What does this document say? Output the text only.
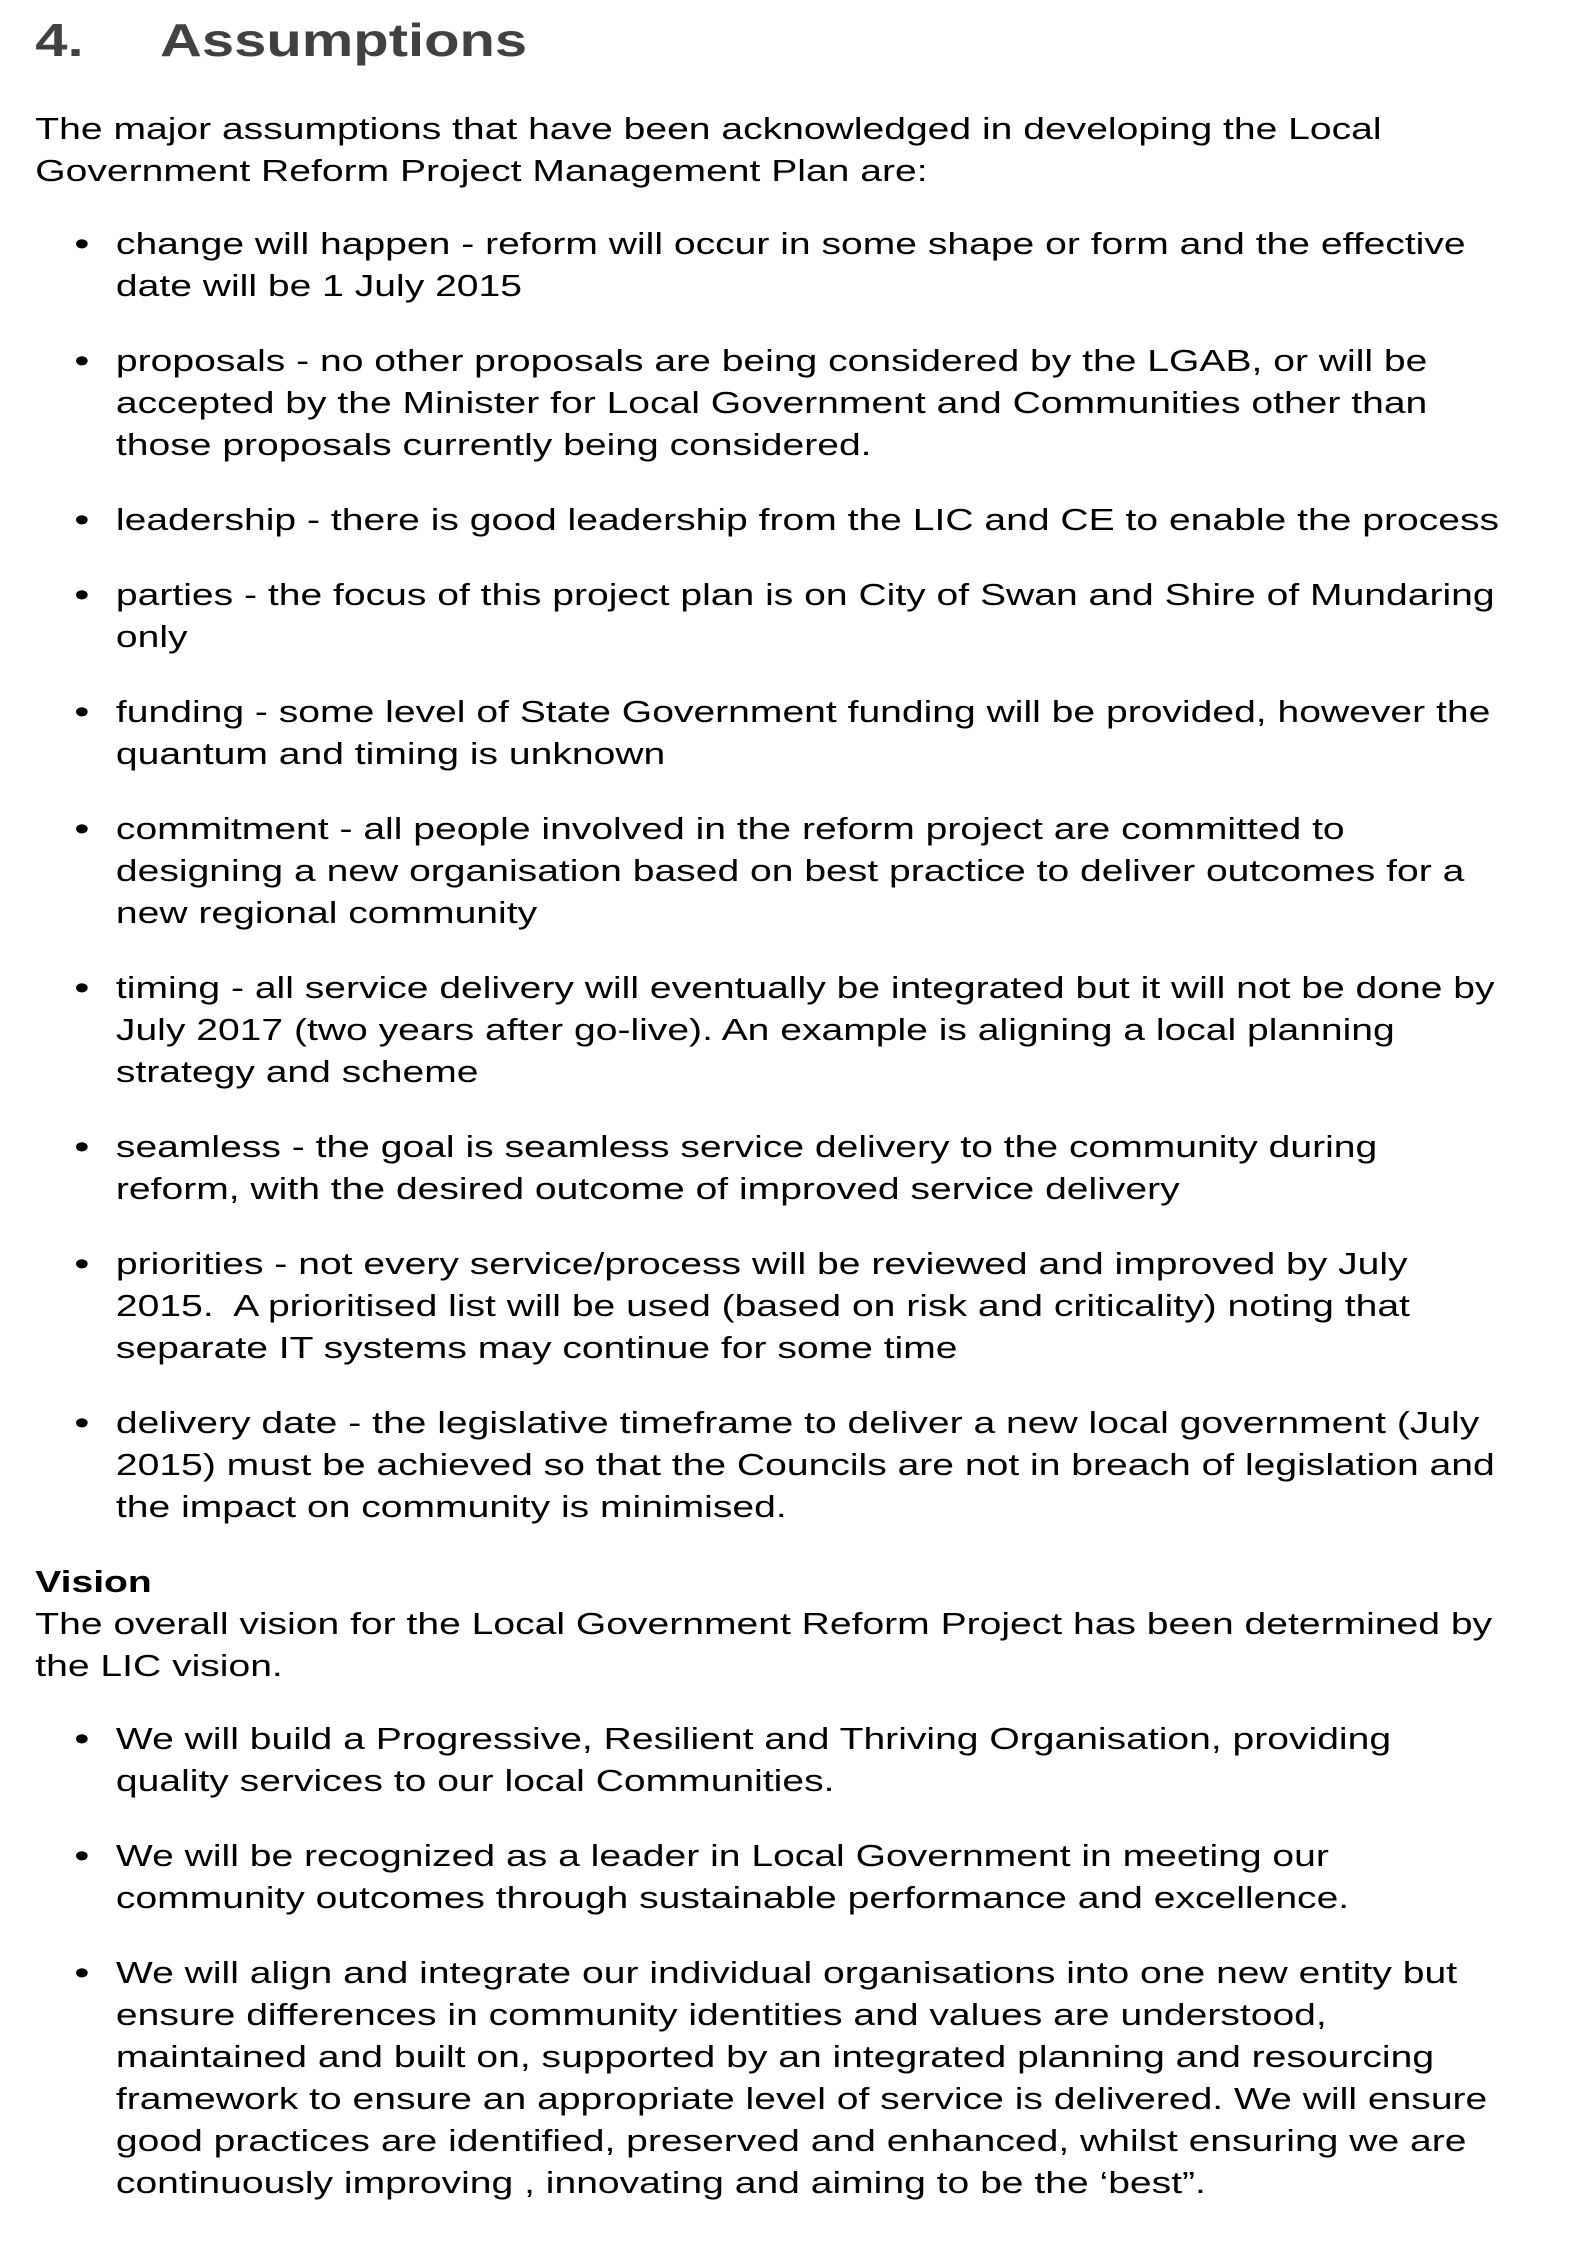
4.	Assumptions

The major assumptions that have been acknowledged in developing the Local Government Reform Project Management Plan are:

• change will happen - reform will occur in some shape or form and the effective date will be 1 July 2015
• proposals - no other proposals are being considered by the LGAB, or will be accepted by the Minister for Local Government and Communities other than those proposals currently being considered.
• leadership - there is good leadership from the LIC and CE to enable the process
• parties - the focus of this project plan is on City of Swan and Shire of Mundaring only
• funding - some level of State Government funding will be provided, however the quantum and timing is unknown
• commitment - all people involved in the reform project are committed to designing a new organisation based on best practice to deliver outcomes for a new regional community
• timing - all service delivery will eventually be integrated but it will not be done by July 2017 (two years after go-live). An example is aligning a local planning strategy and scheme
• seamless - the goal is seamless service delivery to the community during reform, with the desired outcome of improved service delivery
• priorities - not every service/process will be reviewed and improved by July 2015.  A prioritised list will be used (based on risk and criticality) noting that separate IT systems may continue for some time
• delivery date - the legislative timeframe to deliver a new local government (July 2015) must be achieved so that the Councils are not in breach of legislation and the impact on community is minimised.

Vision

The overall vision for the Local Government Reform Project has been determined by the LIC vision.

• We will build a Progressive, Resilient and Thriving Organisation, providing quality services to our local Communities.
• We will be recognized as a leader in Local Government in meeting our community outcomes through sustainable performance and excellence.
• We will align and integrate our individual organisations into one new entity but ensure differences in community identities and values are understood, maintained and built on, supported by an integrated planning and resourcing framework to ensure an appropriate level of service is delivered. We will ensure good practices are identified, preserved and enhanced, whilst ensuring we are continuously improving , innovating and aiming to be the ‘best”.
